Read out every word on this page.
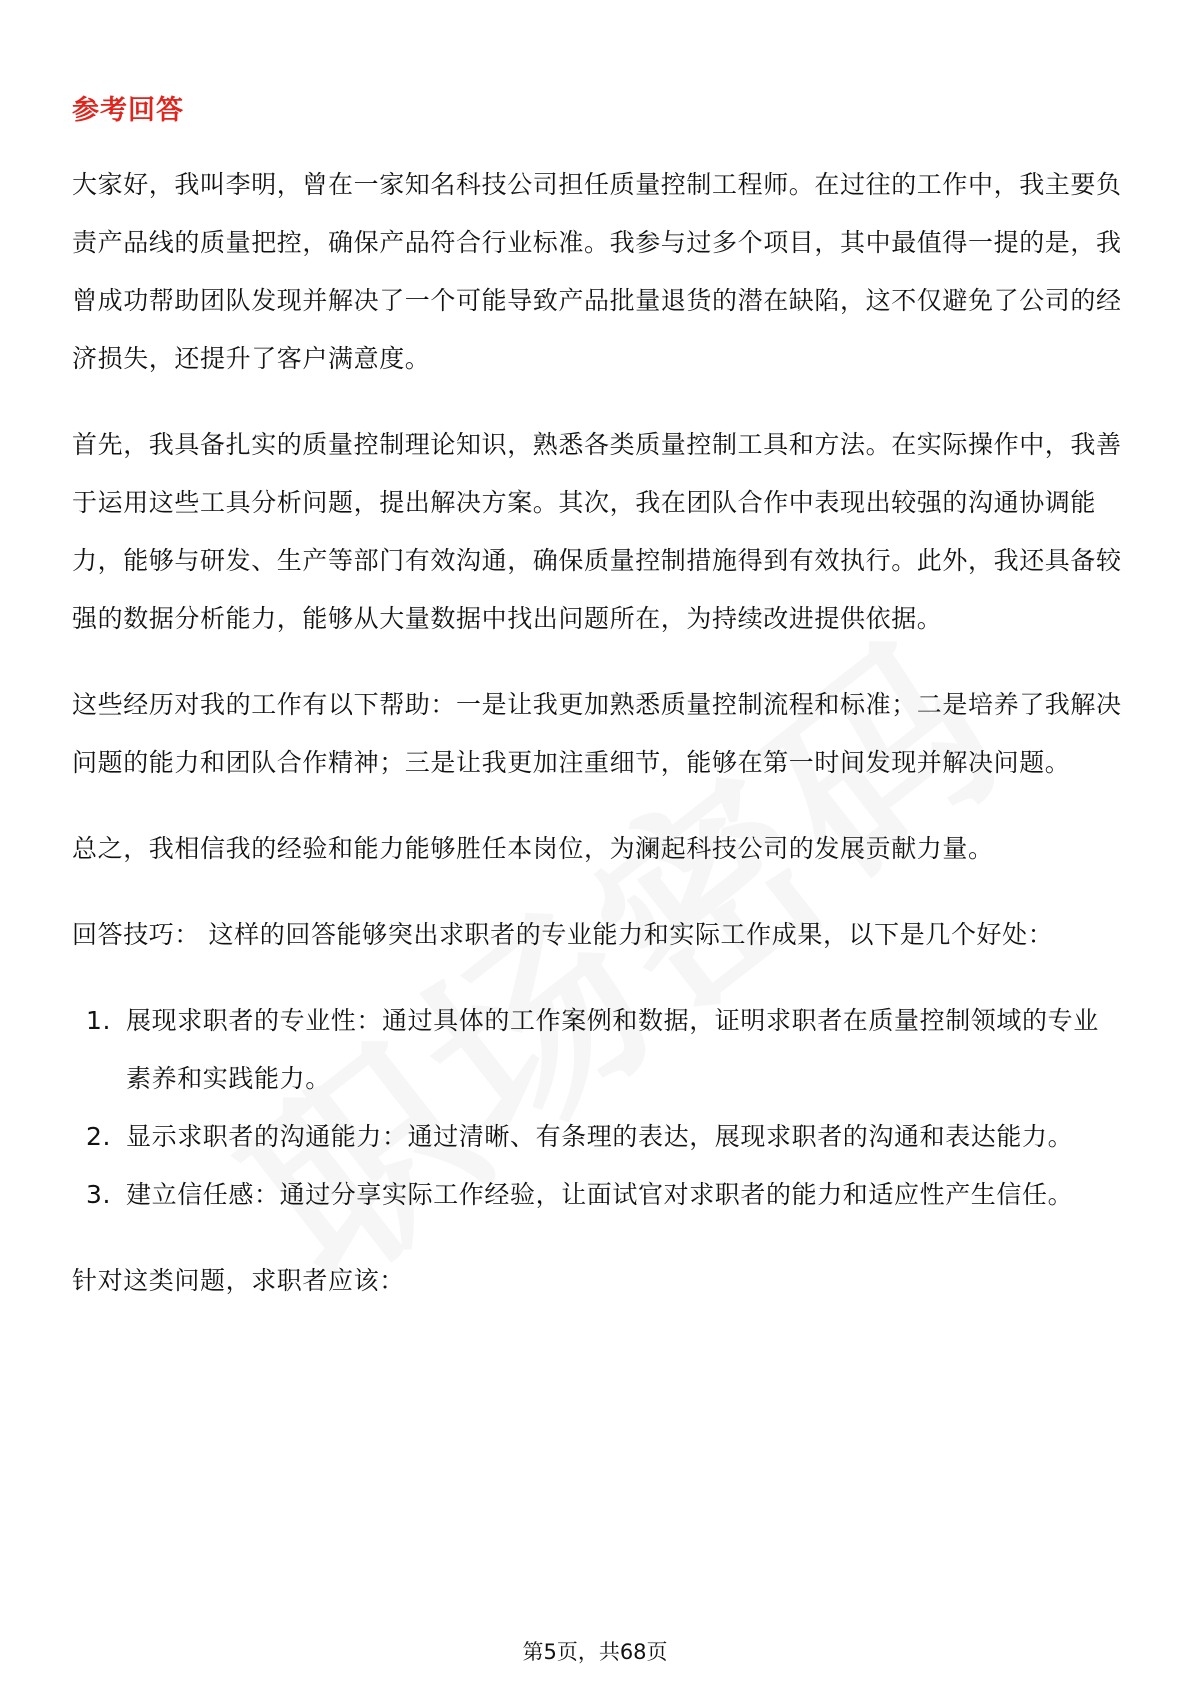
参考回答

大家好，我叫李明，曾在一家知名科技公司担任质量控制工程师。在过往的工作中，我主要负责产品线的质量把控，确保产品符合行业标准。我参与过多个项目，其中最值得一提的是，我曾成功帮助团队发现并解决了一个可能导致产品批量退货的潜在缺陷，这不仅避免了公司的经济损失，还提升了客户满意度。

首先，我具备扎实的质量控制理论知识，熟悉各类质量控制工具和方法。在实际操作中，我善于运用这些工具分析问题，提出解决方案。其次，我在团队合作中表现出较强的沟通协调能力，能够与研发、生产等部门有效沟通，确保质量控制措施得到有效执行。此外，我还具备较强的数据分析能力，能够从大量数据中找出问题所在，为持续改进提供依据。

这些经历对我的工作有以下帮助：一是让我更加熟悉质量控制流程和标准；二是培养了我解决问题的能力和团队合作精神；三是让我更加注重细节，能够在第一时间发现并解决问题。

总之，我相信我的经验和能力能够胜任本岗位，为澜起科技公司的发展贡献力量。

回答技巧： 这样的回答能够突出求职者的专业能力和实际工作成果，以下是几个好处：

1. 展现求职者的专业性：通过具体的工作案例和数据，证明求职者在质量控制领域的专业素养和实践能力。
2. 显示求职者的沟通能力：通过清晰、有条理的表达，展现求职者的沟通和表达能力。
3. 建立信任感：通过分享实际工作经验，让面试官对求职者的能力和适应性产生信任。

针对这类问题，求职者应该：

第5页，共68页
